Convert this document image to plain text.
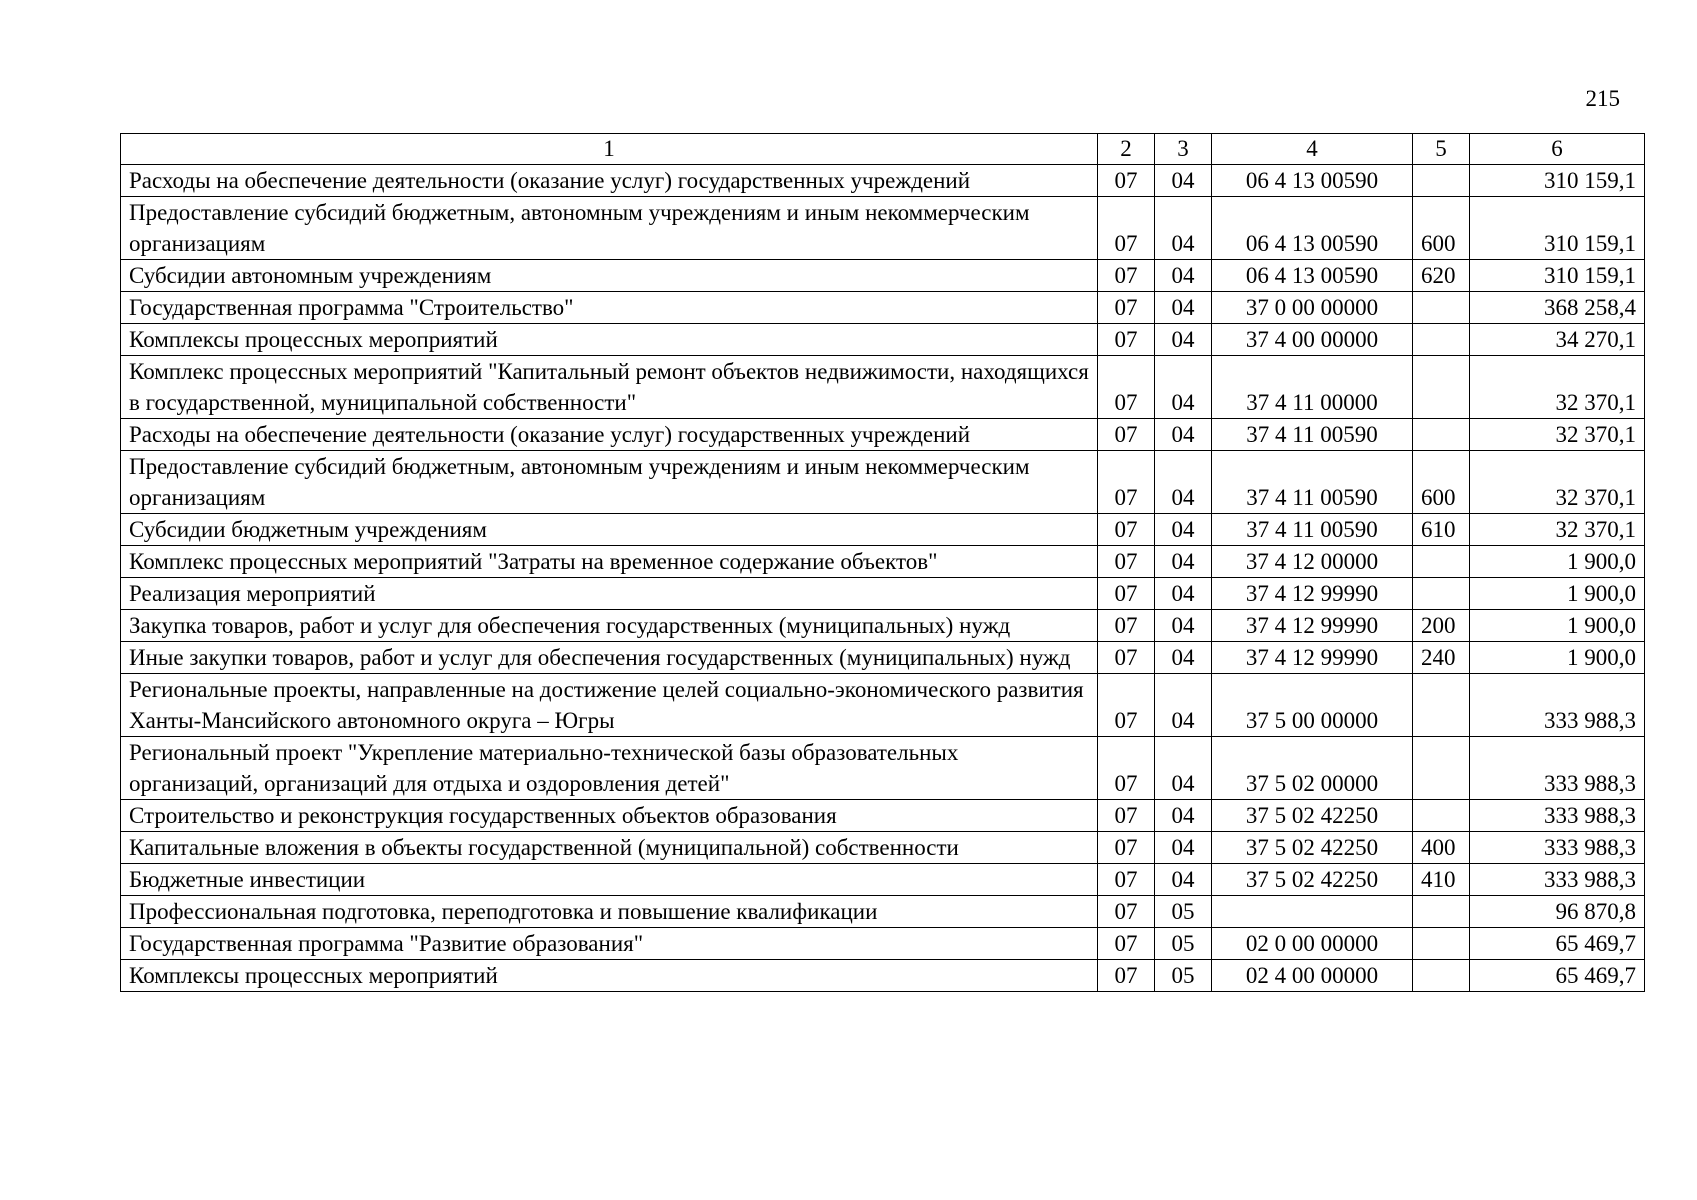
215
1	2	3	4	5	6
Расходы на обеспечение деятельности (оказание услуг) государственных учреждений	07	04	06 4 13 00590		310 159,1
Предоставление субсидий бюджетным, автономным учреждениям и иным некоммерческим организациям	07	04	06 4 13 00590	600	310 159,1
Субсидии автономным учреждениям	07	04	06 4 13 00590	620	310 159,1
Государственная программа "Строительство"	07	04	37 0 00 00000		368 258,4
Комплексы процессных мероприятий	07	04	37 4 00 00000		34 270,1
Комплекс процессных мероприятий "Капитальный ремонт объектов недвижимости, находящихся в государственной, муниципальной собственности"	07	04	37 4 11 00000		32 370,1
Расходы на обеспечение деятельности (оказание услуг) государственных учреждений	07	04	37 4 11 00590		32 370,1
Предоставление субсидий бюджетным, автономным учреждениям и иным некоммерческим организациям	07	04	37 4 11 00590	600	32 370,1
Субсидии бюджетным учреждениям	07	04	37 4 11 00590	610	32 370,1
Комплекс процессных мероприятий "Затраты на временное содержание объектов"	07	04	37 4 12 00000		1 900,0
Реализация мероприятий	07	04	37 4 12 99990		1 900,0
Закупка товаров, работ и услуг для обеспечения государственных (муниципальных) нужд	07	04	37 4 12 99990	200	1 900,0
Иные закупки товаров, работ и услуг для обеспечения государственных (муниципальных) нужд	07	04	37 4 12 99990	240	1 900,0
Региональные проекты, направленные на достижение целей социально-экономического развития Ханты-Мансийского автономного округа – Югры	07	04	37 5 00 00000		333 988,3
Региональный проект "Укрепление материально-технической базы образовательных организаций, организаций для отдыха и оздоровления детей"	07	04	37 5 02 00000		333 988,3
Строительство и реконструкция государственных объектов образования	07	04	37 5 02 42250		333 988,3
Капитальные вложения в объекты государственной (муниципальной) собственности	07	04	37 5 02 42250	400	333 988,3
Бюджетные инвестиции	07	04	37 5 02 42250	410	333 988,3
Профессиональная подготовка, переподготовка и повышение квалификации	07	05			96 870,8
Государственная программа "Развитие образования"	07	05	02 0 00 00000		65 469,7
Комплексы процессных мероприятий	07	05	02 4 00 00000		65 469,7
